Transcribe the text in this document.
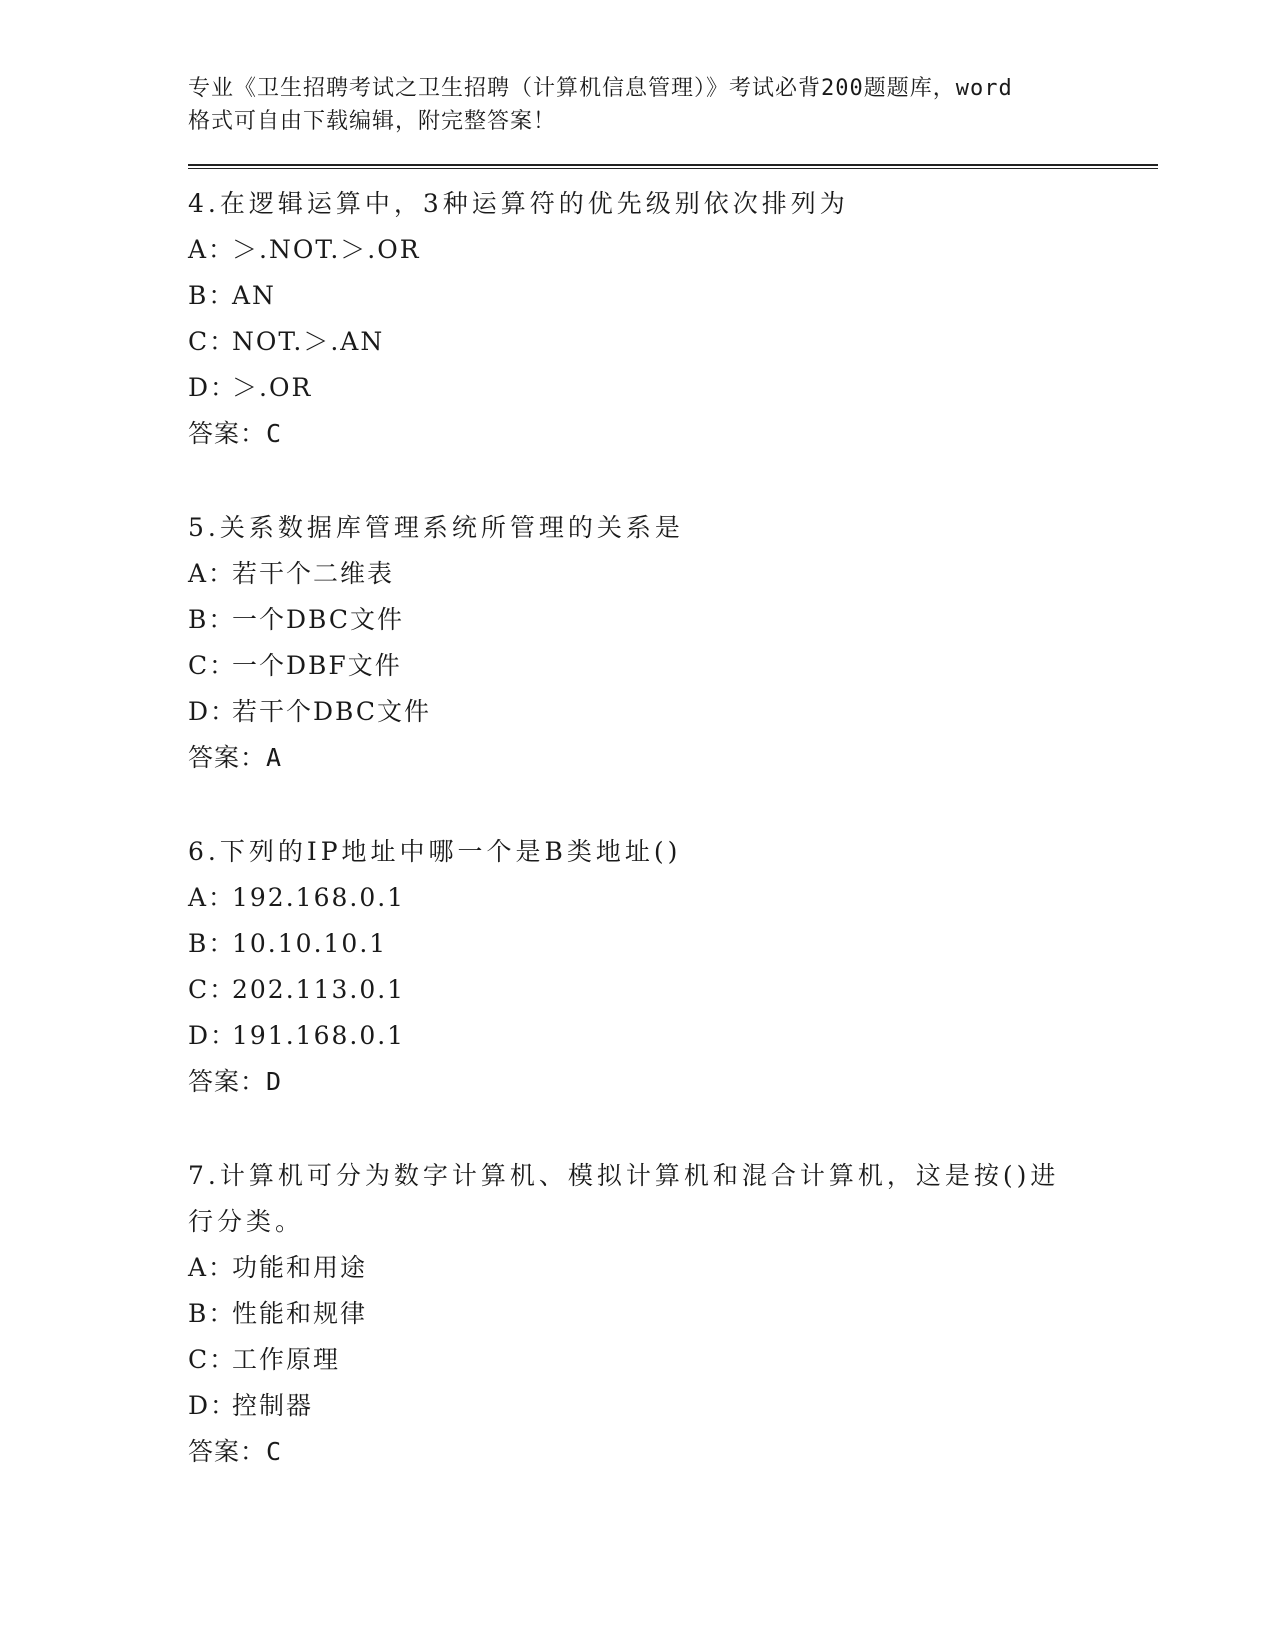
专业《卫生招聘考试之卫生招聘（计算机信息管理）》考试必背200题题库，word

格式可自由下载编辑，附完整答案！

4.在逻辑运算中，3种运算符的优先级别依次排列为

A：
＞.NOT.＞.OR
B：
AN
C：
NOT.＞.AN
D：
＞.OR

答案：C

5.关系数据库管理系统所管理的关系是

A：
若干个二维表
B：
一个DBC文件
C：
一个DBF文件
D：
若干个DBC文件

答案：A

6.下列的IP地址中哪一个是B类地址()

A：
192.168.0.1
B：
10.10.10.1
C：
202.113.0.1
D：
191.168.0.1

答案：D

7.计算机可分为数字计算机、模拟计算机和混合计算机，这是按()进行分类。

A：
功能和用途
B：
性能和规律
C：
工作原理
D：
控制器

答案：C
